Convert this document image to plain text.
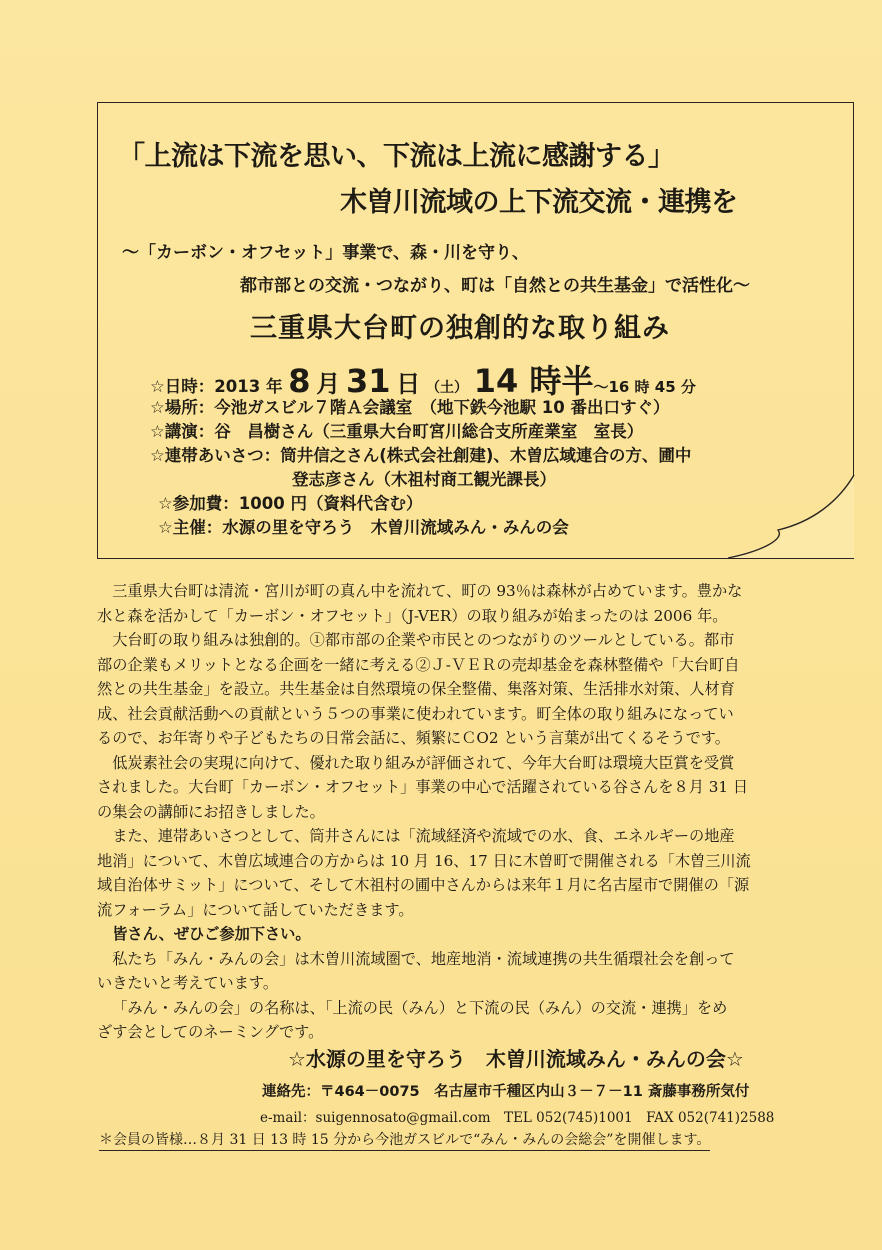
「上流は下流を思い、下流は上流に感謝する」
木曽川流域の上下流交流・連携を
～「カーボン・オフセット」事業で、森・川を守り、
都市部との交流・つながり、町は「自然との共生基金」で活性化～
三重県大台町の独創的な取り組み
☆日時：2013 年 8 月 31 日 （土） 14 時半～16 時 45 分
☆場所：今池ガスビル７階Ａ会議室　（地下鉄今池駅 10 番出口すぐ）
☆講演：谷　昌樹さん（三重県大台町宮川総合支所産業室　室長）
☆連帯あいさつ：筒井信之さん(株式会社創建)、木曽広域連合の方、圃中
登志彦さん（木祖村商工観光課長）
☆参加費：1000 円（資料代含む）
☆主催：水源の里を守ろう　木曽川流域みん・みんの会
三重県大台町は清流・宮川が町の真ん中を流れて、町の 93％は森林が占めています。豊かな
水と森を活かして「カーボン・オフセット」（J-VER）の取り組みが始まったのは 2006 年。
大台町の取り組みは独創的。①都市部の企業や市民とのつながりのツールとしている。都市
部の企業もメリットとなる企画を一緒に考える②Ｊ-ＶＥＲの売却基金を森林整備や「大台町自
然との共生基金」を設立。共生基金は自然環境の保全整備、集落対策、生活排水対策、人材育
成、社会貢献活動への貢献という５つの事業に使われています。町全体の取り組みになってい
るので、お年寄りや子どもたちの日常会話に、頻繁にＣO2 という言葉が出てくるそうです。
低炭素社会の実現に向けて、優れた取り組みが評価されて、今年大台町は環境大臣賞を受賞
されました。大台町「カーボン・オフセット」事業の中心で活躍されている谷さんを８月 31 日
の集会の講師にお招きしました。
また、連帯あいさつとして、筒井さんには「流域経済や流域での水、食、エネルギーの地産
地消」について、木曽広域連合の方からは 10 月 16、17 日に木曽町で開催される「木曽三川流
域自治体サミット」について、そして木祖村の圃中さんからは来年１月に名古屋市で開催の「源
流フォーラム」について話していただきます。
皆さん、ぜひご参加下さい。
私たち「みん・みんの会」は木曽川流域圏で、地産地消・流域連携の共生循環社会を創って
いきたいと考えています。
「みん・みんの会」の名称は、「上流の民（みん）と下流の民（みん）の交流・連携」をめ
ざす会としてのネーミングです。
☆水源の里を守ろう　木曽川流域みん・みんの会☆
連絡先：〒464－0075　名古屋市千種区内山３－７－11 斎藤事務所気付
e-mail：suigennosato@gmail.com　TEL 052(745)1001　FAX 052(741)2588
＊会員の皆様…８月 31 日 13 時 15 分から今池ガスビルで“みん・みんの会総会”を開催します。
